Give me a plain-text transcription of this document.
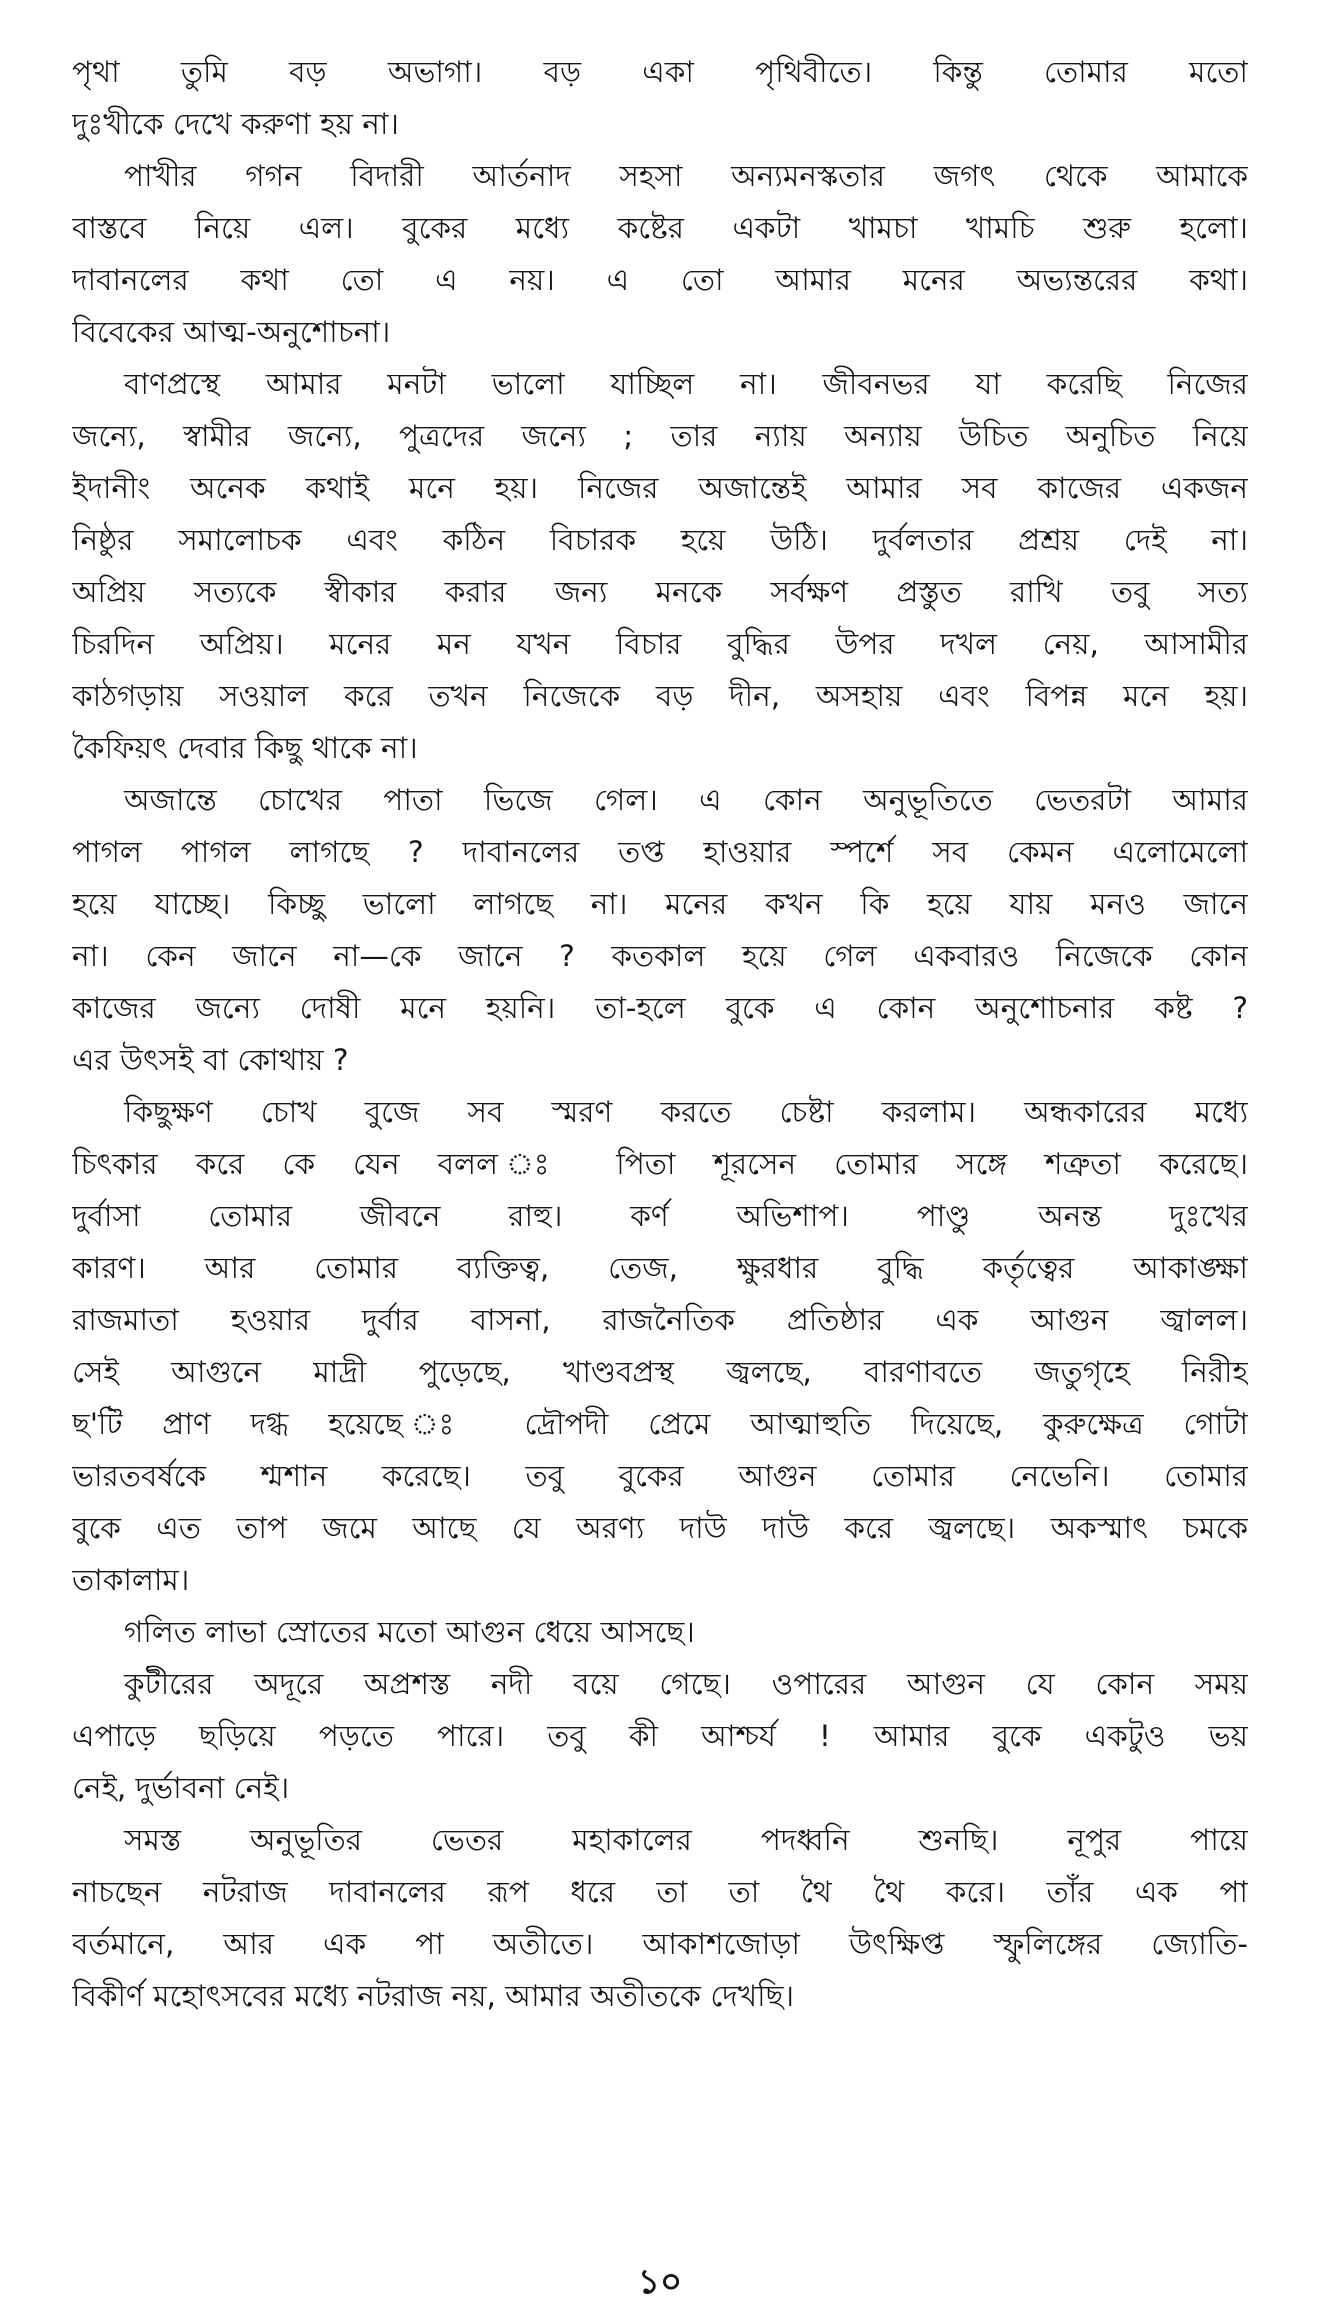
পৃথা তুমি বড় অভাগা। বড় একা পৃথিবীতে। কিন্তু তোমার মতো
দুঃখীকে দেখে করুণা হয় না।
পাখীর গগন বিদারী আর্তনাদ সহসা অন্যমনস্কতার জগৎ থেকে আমাকে
বাস্তবে নিয়ে এল। বুকের মধ্যে কষ্টের একটা খামচা খামচি শুরু হলো।
দাবানলের কথা তো এ নয়। এ তো আমার মনের অভ্যন্তরের কথা।
বিবেকের আত্ম-অনুশোচনা।
বাণপ্রস্থে আমার মনটা ভালো যাচ্ছিল না। জীবনভর যা করেছি নিজের
জন্যে, স্বামীর জন্যে, পুত্রদের জন্যে ; তার ন্যায় অন্যায় উচিত অনুচিত নিয়ে
ইদানীং অনেক কথাই মনে হয়। নিজের অজান্তেই আমার সব কাজের একজন
নিষ্ঠুর সমালোচক এবং কঠিন বিচারক হয়ে উঠি। দুর্বলতার প্রশ্রয় দেই না।
অপ্রিয় সত্যকে স্বীকার করার জন্য মনকে সর্বক্ষণ প্রস্তুত রাখি তবু সত্য
চিরদিন অপ্রিয়। মনের মন যখন বিচার বুদ্ধির উপর দখল নেয়, আসামীর
কাঠগড়ায় সওয়াল করে তখন নিজেকে বড় দীন, অসহায় এবং বিপন্ন মনে হয়।
কৈফিয়ৎ দেবার কিছু থাকে না।
অজান্তে চোখের পাতা ভিজে গেল। এ কোন অনুভূতিতে ভেতরটা আমার
পাগল পাগল লাগছে ? দাবানলের তপ্ত হাওয়ার স্পর্শে সব কেমন এলোমেলো
হয়ে যাচ্ছে। কিচ্ছু ভালো লাগছে না। মনের কখন কি হয়ে যায় মনও জানে
না। কেন জানে না—কে জানে ? কতকাল হয়ে গেল একবারও নিজেকে কোন
কাজের জন্যে দোষী মনে হয়নি। তা-হলে বুকে এ কোন অনুশোচনার কষ্ট ?
এর উৎসই বা কোথায় ?
কিছুক্ষণ চোখ বুজে সব স্মরণ করতে চেষ্টা করলাম। অন্ধকারের মধ্যে
চিৎকার করে কে যেন বলল ঃ পিতা শূরসেন তোমার সঙ্গে শত্রুতা করেছে।
দুর্বাসা তোমার জীবনে রাহু। কর্ণ অভিশাপ। পাণ্ডু অনন্ত দুঃখের
কারণ। আর তোমার ব্যক্তিত্ব, তেজ, ক্ষুরধার বুদ্ধি কর্তৃত্বের আকাঙ্ক্ষা
রাজমাতা হওয়ার দুর্বার বাসনা, রাজনৈতিক প্রতিষ্ঠার এক আগুন জ্বালল।
সেই আগুনে মাদ্রী পুড়েছে, খাণ্ডবপ্রস্থ জ্বলছে, বারণাবতে জতুগৃহে নিরীহ
ছ'টি প্রাণ দগ্ধ হয়েছে ঃ দ্রৌপদী প্রেমে আত্মাহুতি দিয়েছে, কুরুক্ষেত্র গোটা
ভারতবর্ষকে শ্মশান করেছে। তবু বুকের আগুন তোমার নেভেনি। তোমার
বুকে এত তাপ জমে আছে যে অরণ্য দাউ দাউ করে জ্বলছে। অকস্মাৎ চমকে
তাকালাম।
গলিত লাভা স্রোতের মতো আগুন ধেয়ে আসছে।
কুটীরের অদূরে অপ্রশস্ত নদী বয়ে গেছে। ওপারের আগুন যে কোন সময়
এপাড়ে ছড়িয়ে পড়তে পারে। তবু কী আশ্চর্য ! আমার বুকে একটুও ভয়
নেই, দুর্ভাবনা নেই।
সমস্ত অনুভূতির ভেতর মহাকালের পদধ্বনি শুনছি। নূপুর পায়ে
নাচছেন নটরাজ দাবানলের রূপ ধরে তা তা থৈ থৈ করে। তাঁর এক পা
বর্তমানে, আর এক পা অতীতে। আকাশজোড়া উৎক্ষিপ্ত স্ফুলিঙ্গের জ্যোতি-
বিকীর্ণ মহোৎসবের মধ্যে নটরাজ নয়, আমার অতীতকে দেখছি।
১০
